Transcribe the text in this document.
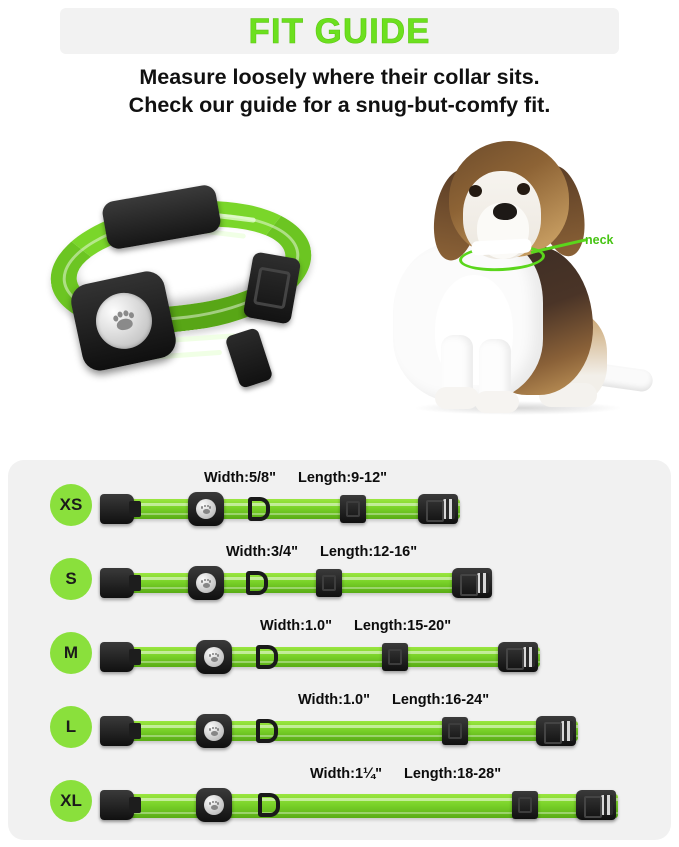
FIT GUIDE
Measure loosely where their collar sits.
Check our guide for a snug-but-comfy fit.
neck
XS
Width:5/8" Length:9-12"
S
Width:3/4" Length:12-16"
M
Width:1.0" Length:15-20"
L
Width:1.0" Length:16-24"
XL
Width:1¼" Length:18-28"
